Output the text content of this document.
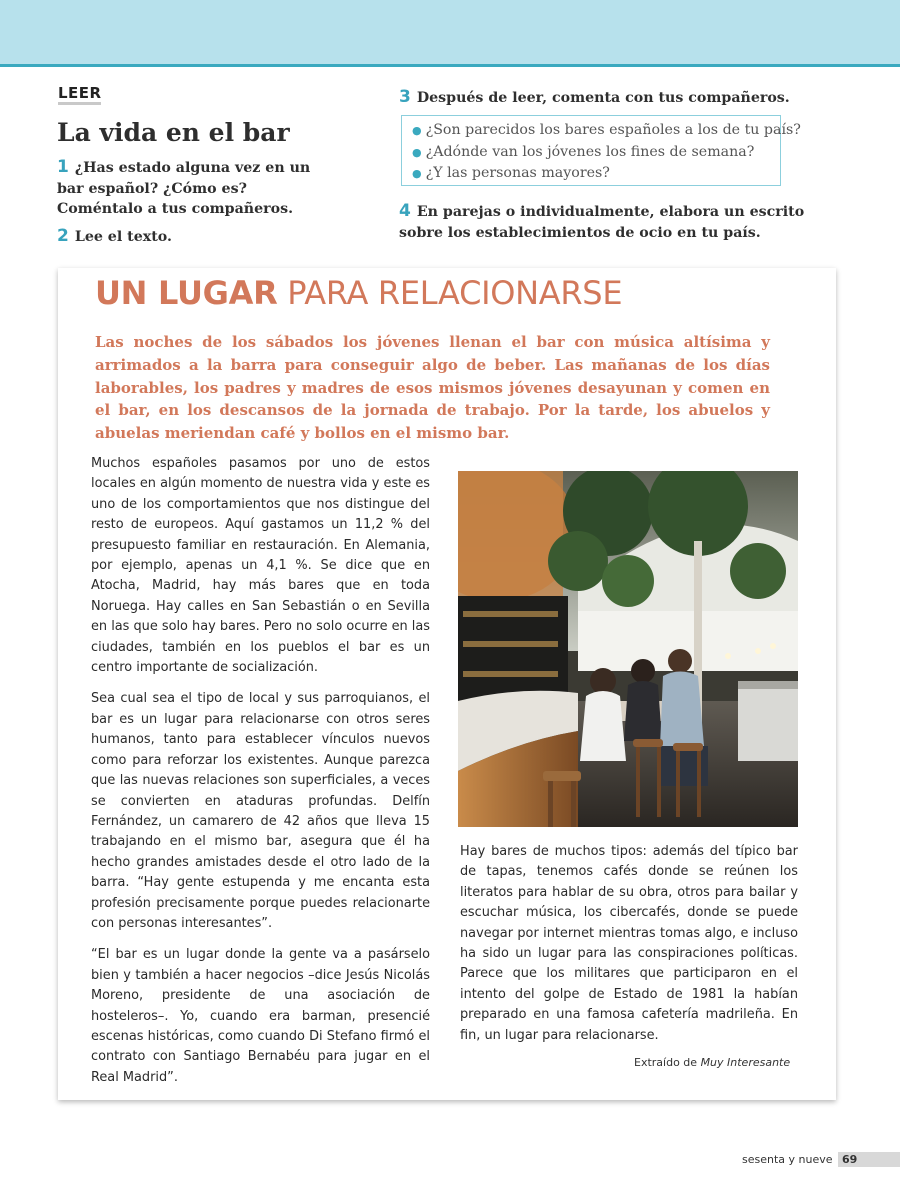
LEER
La vida en el bar
1 ¿Has estado alguna vez en un bar español? ¿Cómo es? Coméntalo a tus compañeros.
2 Lee el texto.
3 Después de leer, comenta con tus compañeros.
● ¿Son parecidos los bares españoles a los de tu país?
● ¿Adónde van los jóvenes los fines de semana?
● ¿Y las personas mayores?
4 En parejas o individualmente, elabora un escrito sobre los establecimientos de ocio en tu país.
UN LUGAR PARA RELACIONARSE
Las noches de los sábados los jóvenes llenan el bar con música altísima y arrimados a la barra para conseguir algo de beber. Las mañanas de los días laborables, los padres y madres de esos mismos jóvenes desayunan y comen en el bar, en los descansos de la jornada de trabajo. Por la tarde, los abuelos y abuelas meriendan café y bollos en el mismo bar.

Muchos españoles pasamos por uno de estos locales en algún momento de nuestra vida y este es uno de los comportamientos que nos distingue del resto de europeos. Aquí gastamos un 11,2 % del presupuesto familiar en restauración. En Alemania, por ejemplo, apenas un 4,1 %. Se dice que en Atocha, Madrid, hay más bares que en toda Noruega. Hay calles en San Sebastián o en Sevilla en las que solo hay bares. Pero no solo ocurre en las ciudades, también en los pueblos el bar es un centro importante de socialización.

Sea cual sea el tipo de local y sus parroquianos, el bar es un lugar para relacionarse con otros seres humanos, tanto para establecer vínculos nuevos como para reforzar los existentes. Aunque parezca que las nuevas relaciones son superficiales, a veces se convierten en ataduras profundas. Delfín Fernández, un camarero de 42 años que lleva 15 trabajando en el mismo bar, asegura que él ha hecho grandes amistades desde el otro lado de la barra. “Hay gente estupenda y me encanta esta profesión precisamente porque puedes relacionarte con personas interesantes”.

“El bar es un lugar donde la gente va a pasárselo bien y también a hacer negocios –dice Jesús Nicolás Moreno, presidente de una asociación de hosteleros–. Yo, cuando era barman, presencié escenas históricas, como cuando Di Stefano firmó el contrato con Santiago Bernabéu para jugar en el Real Madrid”.

Hay bares de muchos tipos: además del típico bar de tapas, tenemos cafés donde se reúnen los literatos para hablar de su obra, otros para bailar y escuchar música, los cibercafés, donde se puede navegar por internet mientras tomas algo, e incluso ha sido un lugar para las conspiraciones políticas. Parece que los militares que participaron en el intento del golpe de Estado de 1981 la habían preparado en una famosa cafetería madrileña. En fin, un lugar para relacionarse.
Extraído de Muy Interesante
sesenta y nueve 69
